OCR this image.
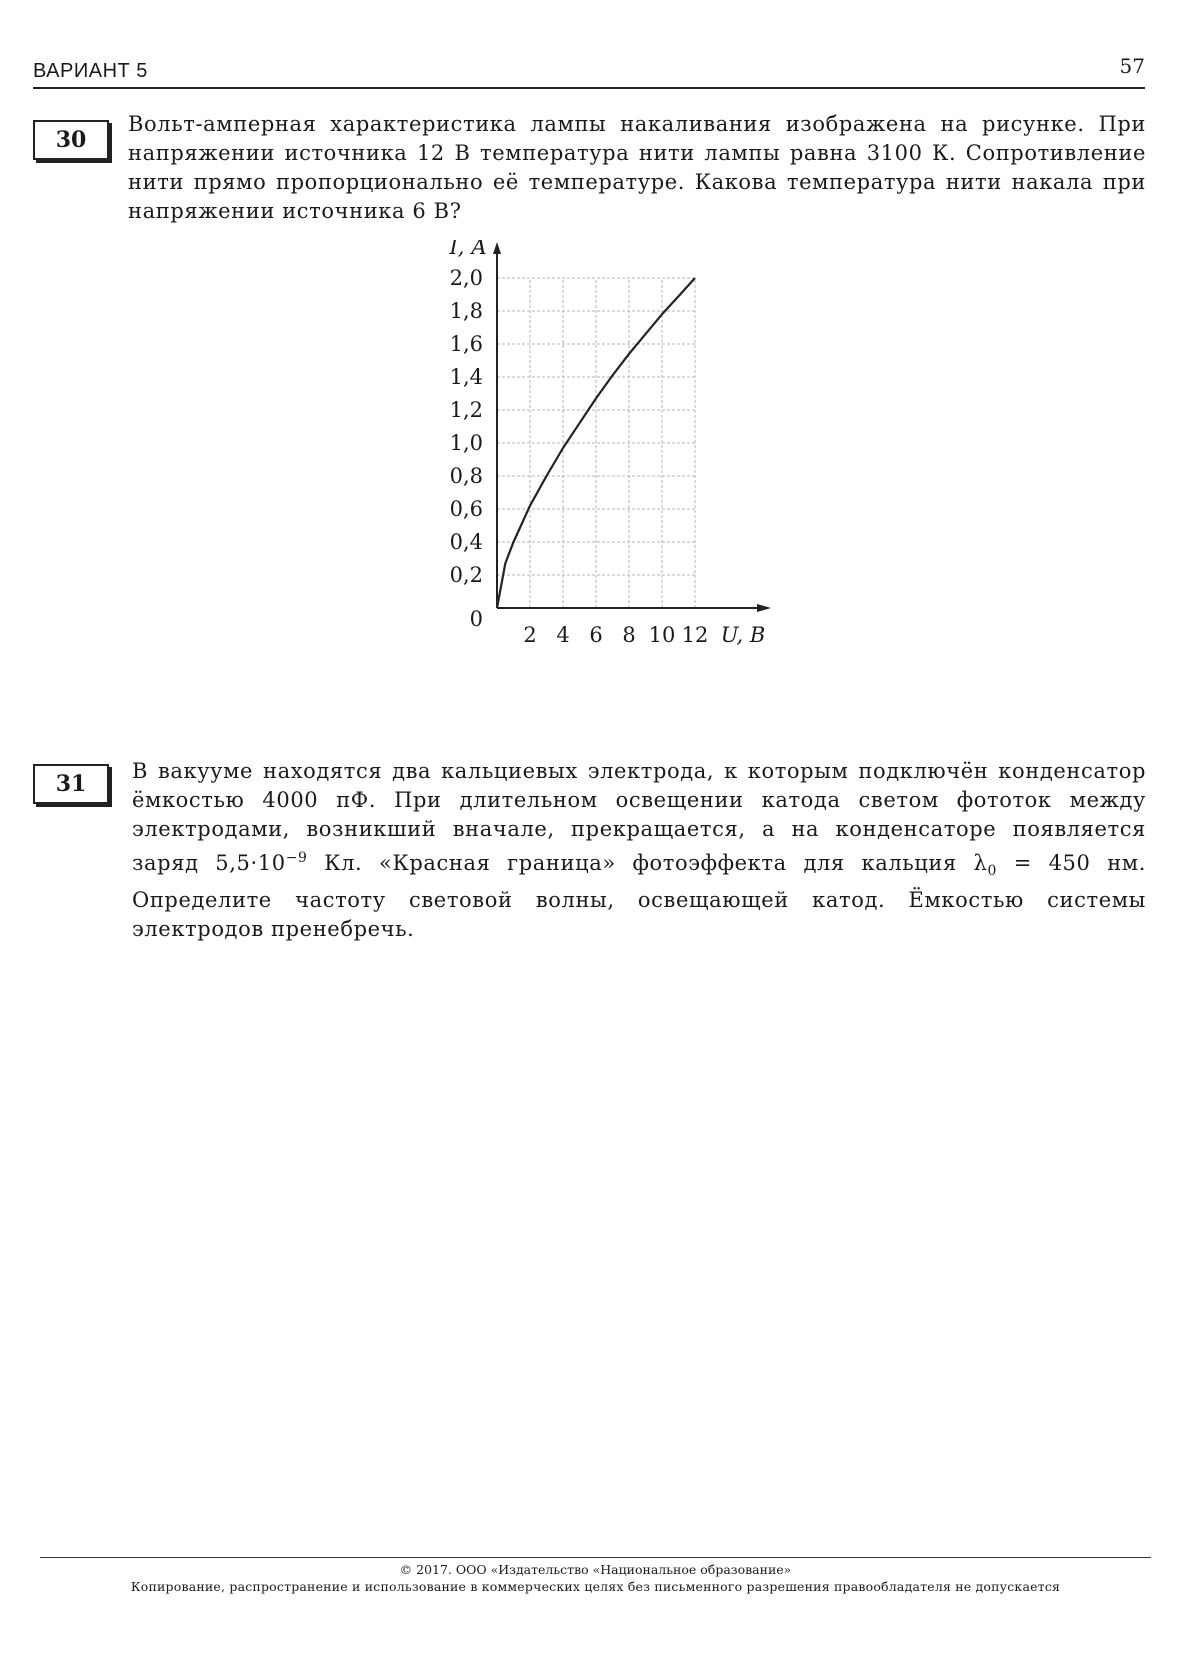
ВАРИАНТ 5	57
30
Вольт-амперная характеристика лампы накаливания изображена на рисунке. При напряжении источника 12 В температура нити лампы равна 3100 К. Сопротивление нити прямо пропорционально её температуре. Какова температура нити накала при напряжении источника 6 В?
2,0
1,8
1,6
1,4
1,2
1,0
0,8
0,6
0,4
0,2
0
2 4 6 8 10 12 U, В
I, А
31	В вакууме находятся два кальциевых электрода, к которым подключён конденсатор ёмкостью 4000 пФ. При длительном освещении катода светом фототок между электродами, возникший вначале, прекращается, а на конденсаторе появляется заряд $5,5\cdot 10^{-9}$ Кл. «Красная граница» фотоэффекта для кальция $\lambda_0 = 450$ нм. Определите частоту световой волны, освещающей катод. Ёмкостью системы электродов пренебречь.
© 2017. ООО «Издательство «Национальное образование»
Копирование, распространение и использование в коммерческих целях без письменного разрешения правообладателя не допускается
